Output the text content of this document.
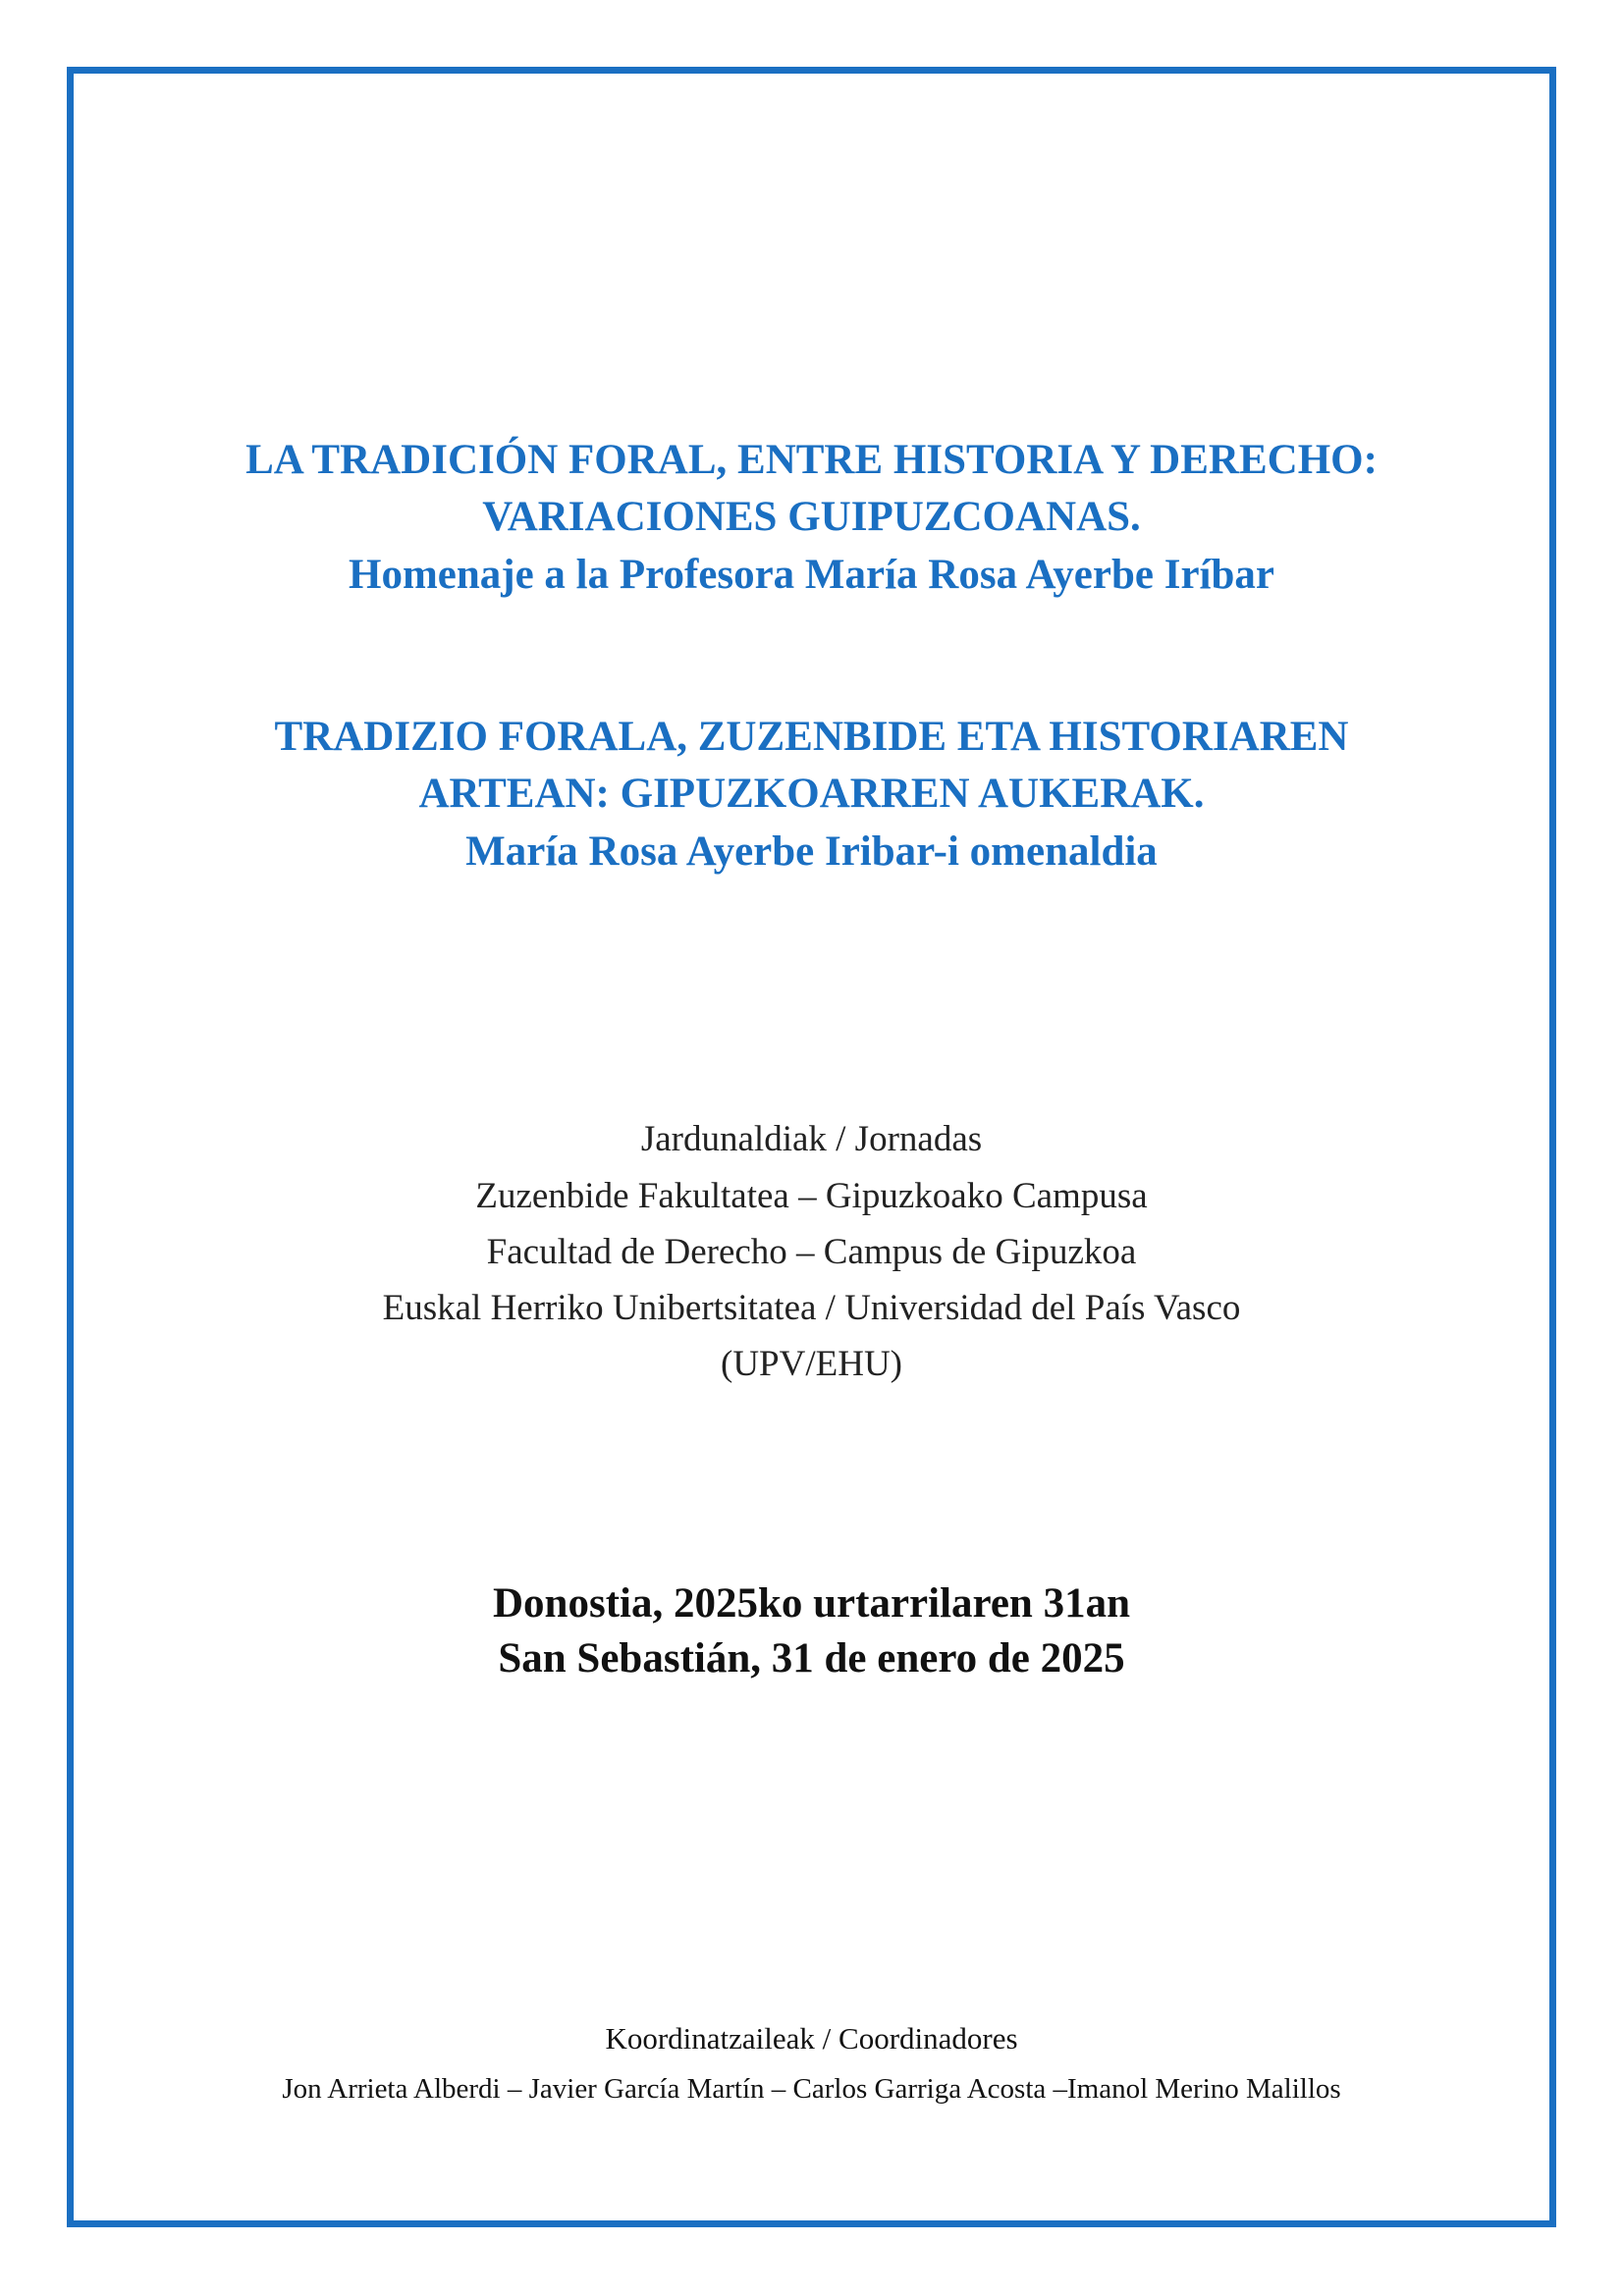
LA TRADICIÓN FORAL, ENTRE HISTORIA Y DERECHO:
VARIACIONES GUIPUZCOANAS.
Homenaje a la Profesora María Rosa Ayerbe Iríbar
TRADIZIO FORALA, ZUZENBIDE ETA HISTORIAREN
ARTEAN: GIPUZKOARREN AUKERAK.
María Rosa Ayerbe Iribar-i omenaldia
Jardunaldiak / Jornadas
Zuzenbide Fakultatea – Gipuzkoako Campusa
Facultad de Derecho – Campus de Gipuzkoa
Euskal Herriko Unibertsitatea / Universidad del País Vasco
(UPV/EHU)
Donostia, 2025ko urtarrilaren 31an
San Sebastián, 31 de enero de 2025
Koordinatzaileak / Coordinadores
Jon Arrieta Alberdi – Javier García Martín – Carlos Garriga Acosta –Imanol Merino Malillos
